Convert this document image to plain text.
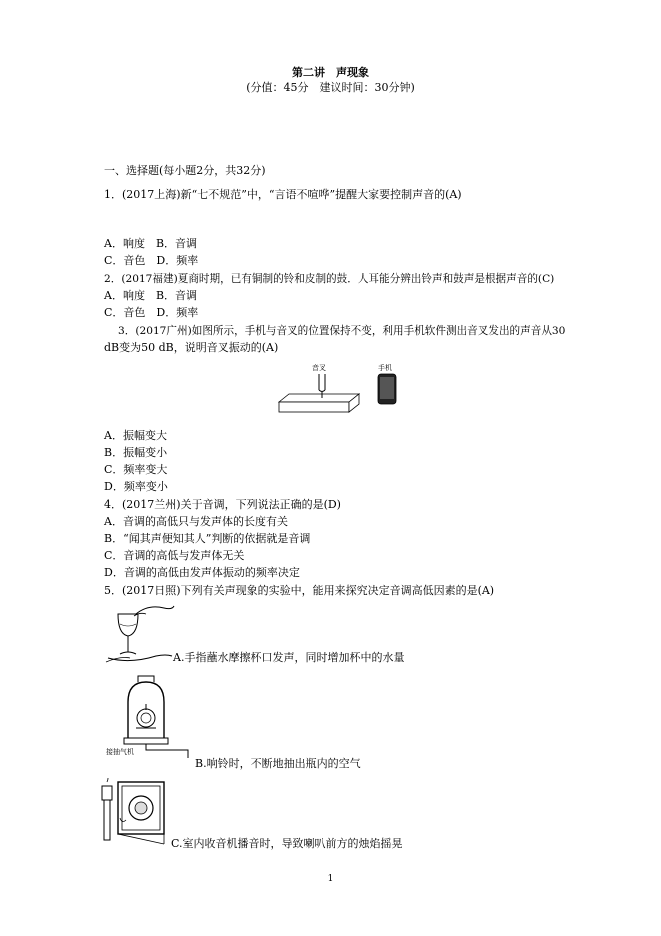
第二讲　声现象
(分值：45分　建议时间：30分钟)
一、选择题(每小题2分，共32分)
1．(2017上海)新“七不规范”中，“言语不喧哗”提醒大家要控制声音的(A)
A．响度　B．音调
C．音色　D．频率
2．(2017福建)夏商时期，已有铜制的铃和皮制的鼓．人耳能分辨出铃声和鼓声是根据声音的(C)
A．响度　B．音调
C．音色　D．频率
3．(2017广州)如图所示，手机与音叉的位置保持不变，利用手机软件测出音叉发出的声音从30
dB变为50 dB，说明音叉振动的(A)
音叉	手机
A．振幅变大
B．振幅变小
C．频率变大
D．频率变小
4．(2017兰州)关于音调，下列说法正确的是(D)
A．音调的高低只与发声体的长度有关
B．“闻其声便知其人”判断的依据就是音调
C．音调的高低与发声体无关
D．音调的高低由发声体振动的频率决定
5．(2017日照)下列有关声现象的实验中，能用来探究决定音调高低因素的是(A)
A.手指蘸水摩擦杯口发声，同时增加杯中的水量
接抽气机
B.响铃时，不断地抽出瓶内的空气
C.室内收音机播音时，导致喇叭前方的烛焰摇晃
1
